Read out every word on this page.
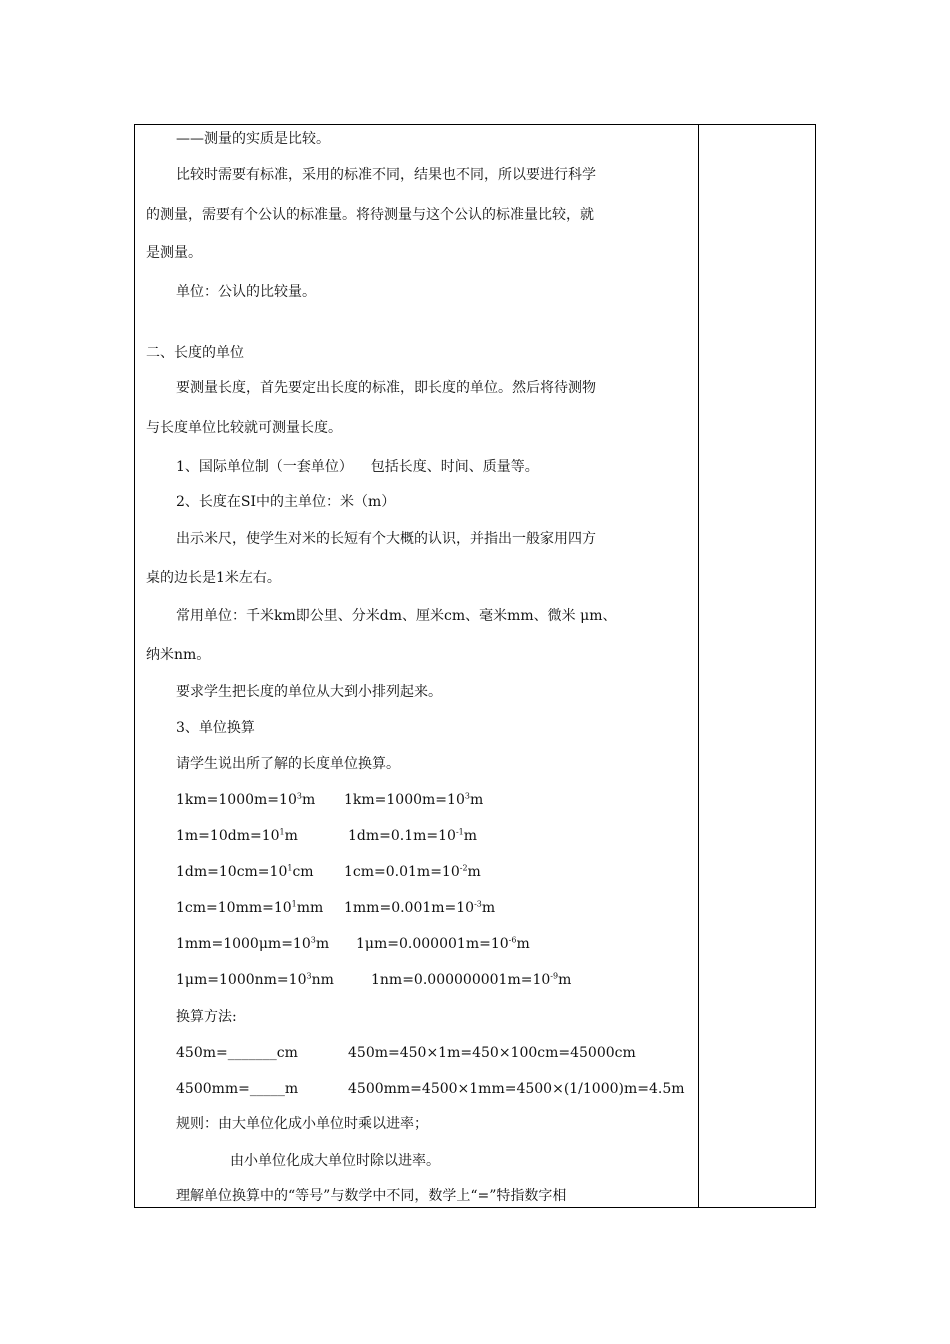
——测量的实质是比较。
比较时需要有标准，采用的标准不同，结果也不同，所以要进行科学
的测量，需要有个公认的标准量。将待测量与这个公认的标准量比较，就
是测量。
单位：公认的比较量。
二、长度的单位
要测量长度，首先要定出长度的标准，即长度的单位。然后将待测物
与长度单位比较就可测量长度。
1、国际单位制（一套单位）    包括长度、时间、质量等。
2、长度在SI中的主单位：米（m）
出示米尺，使学生对米的长短有个大概的认识，并指出一般家用四方
桌的边长是1米左右。
常用单位：千米km即公里、分米dm、厘米cm、毫米mm、微米 μm、
纳米nm。
要求学生把长度的单位从大到小排列起来。
3、单位换算
请学生说出所了解的长度单位换算。
$1km=1000m=10^3m$ $1km=1000m=10^3m$
$1m=10dm=10^1m$	$1dm=0.1m=10^{-1}m$
$1dm=10cm=10^1cm$ $1cm=0.01m=10^{-2}m$
$1cm=10mm=10^1mm$ $1mm=0.001m=10^{-3}m$
$1mm=1000\mu m=10^3m$ $1\mu m=0.000001m=10^{-6}m$
$1\mu m=1000nm=10^3nm$	$1nm=0.000000001m=10^{-9}m$
换算方法:
450m=_______cm	450m=450×1m=450×100cm=45000cm
4500mm=_____m	4500mm=4500×1mm=4500×(1/1000)m=4.5m
规则：由大单位化成小单位时乘以进率；
由小单位化成大单位时除以进率。
理解单位换算中的“等号”与数学中不同，数学上“=”特指数字相
